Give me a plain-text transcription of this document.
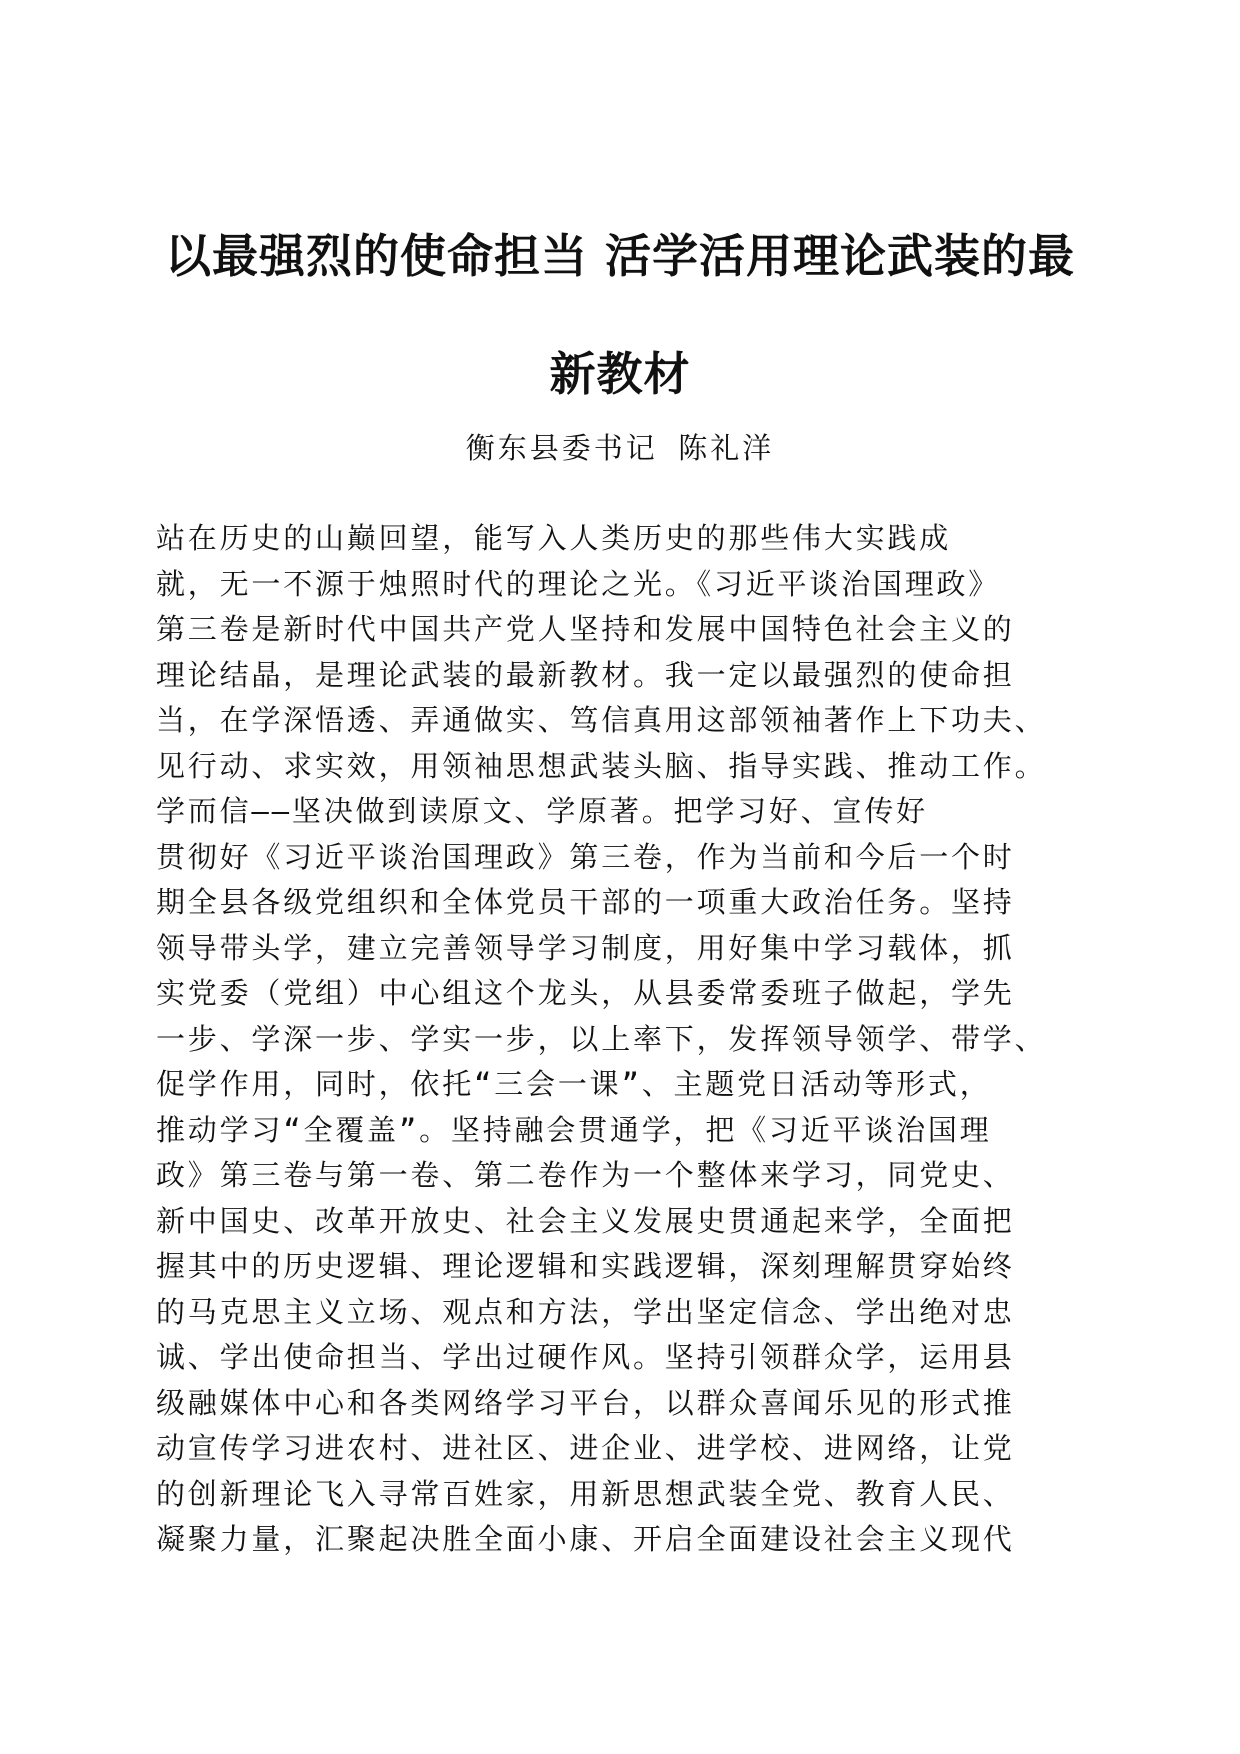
以最强烈的使命担当 活学活用理论武装的最
新教材
衡东县委书记 陈礼洋
站在历史的山巅回望，能写入人类历史的那些伟大实践成
就，无一不源于烛照时代的理论之光。《习近平谈治国理政》
第三卷是新时代中国共产党人坚持和发展中国特色社会主义的
理论结晶，是理论武装的最新教材。我一定以最强烈的使命担
当，在学深悟透、弄通做实、笃信真用这部领袖著作上下功夫、
见行动、求实效，用领袖思想武装头脑、指导实践、推动工作。
学而信——坚决做到读原文、学原著。把学习好、宣传好
贯彻好《习近平谈治国理政》第三卷，作为当前和今后一个时
期全县各级党组织和全体党员干部的一项重大政治任务。坚持
领导带头学，建立完善领导学习制度，用好集中学习载体，抓
实党委（党组）中心组这个龙头，从县委常委班子做起，学先
一步、学深一步、学实一步，以上率下，发挥领导领学、带学、
促学作用，同时，依托“三会一课”、主题党日活动等形式，
推动学习“全覆盖”。坚持融会贯通学，把《习近平谈治国理
政》第三卷与第一卷、第二卷作为一个整体来学习，同党史、
新中国史、改革开放史、社会主义发展史贯通起来学，全面把
握其中的历史逻辑、理论逻辑和实践逻辑，深刻理解贯穿始终
的马克思主义立场、观点和方法，学出坚定信念、学出绝对忠
诚、学出使命担当、学出过硬作风。坚持引领群众学，运用县
级融媒体中心和各类网络学习平台，以群众喜闻乐见的形式推
动宣传学习进农村、进社区、进企业、进学校、进网络，让党
的创新理论飞入寻常百姓家，用新思想武装全党、教育人民、
凝聚力量，汇聚起决胜全面小康、开启全面建设社会主义现代
